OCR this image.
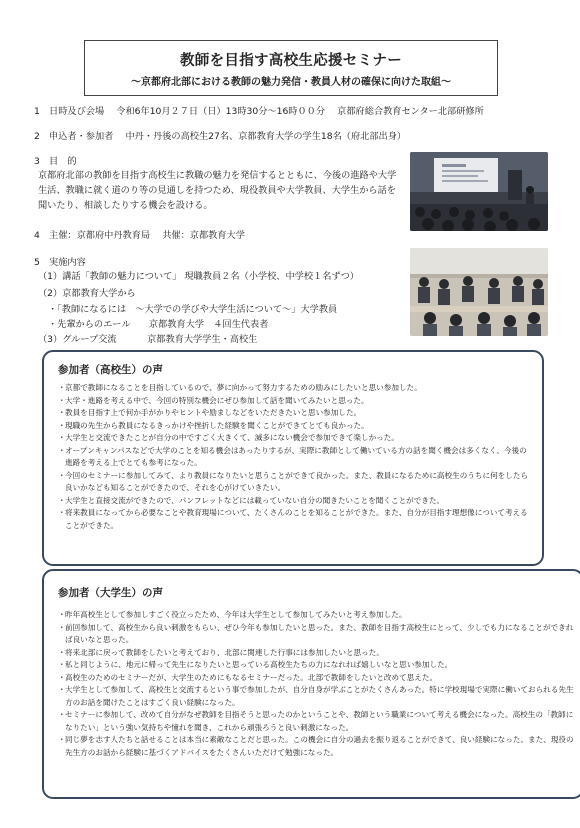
教師を目指す高校生応援セミナー
～京都府北部における教師の魅力発信・教員人材の確保に向けた取組～
1　日時及び会場　 令和6年10月２７日（日）13時30分～16時００分　 京都府総合教育センター北部研修所
2　申込者・参加者　 中丹・丹後の高校生27名、京都教育大学の学生18名（府北部出身）
3　目　的
京都府北部の教師を目指す高校生に教職の魅力を発信するとともに、今後の進路や大学生活、教職に就く道のり等の見通しを持つため、現役教員や大学教員、大学生から話を聞いたり、相談したりする機会を設ける。
4　主催：京都府中丹教育局　 共催：京都教育大学
5　実施内容
（1）講話「教師の魅力について」 現職教員２名（小学校、中学校１名ずつ）
（2）京都教育大学から
・「教師になるには　～大学での学びや大学生活について～」大学教員
・先輩からのエール　　京都教育大学　４回生代表者
（3）グループ交流　　　 京都教育大学学生・高校生
参加者（高校生）の声
・ 京都で教師になることを目指しているので、夢に向かって努力するための励みにしたいと思い参加した。
・ 大学・進路を考える中で、今回の特別な機会にぜひ参加して話を聞いてみたいと思った。
・ 教員を目指す上で何か手がかりやヒントや励ましなどをいただきたいと思い参加した。
・ 現職の先生から教員になるきっかけや挫折した経験を聞くことができてとても良かった。
・ 大学生と交流できたことが自分の中ですごく大きくて、滅多にない機会で参加できて楽しかった。
・ オープンキャンパスなどで大学のことを知る機会はあったりするが、実際に教師として働いている方の話を聞く機会は多くなく、今後の進路を考える上でとても参考になった。
・ 今回のセミナーに参加してみて、より教員になりたいと思うことができて良かった。また、教員になるために高校生のうちに何をしたら良いかなども知ることができたので、それを心がけていきたい。
・ 大学生と直接交流ができたので、パンフレットなどには載っていない自分の聞きたいことを聞くことができた。
・ 将来教員になってから必要なことや教育現場について、たくさんのことを知ることができた。また、自分が目指す理想像について考えることができた。
参加者（大学生）の声
・ 昨年高校生として参加しすごく役立ったため、今年は大学生として参加してみたいと考え参加した。
・ 前回参加して、高校生から良い刺激をもらい、ぜひ今年も参加したいと思った。また、教師を目指す高校生にとって、少しでも力になることができれば良いなと思った。
・ 将来北部に戻って教師をしたいと考えており、北部に関連した行事には参加したいと思った。
・ 私と同じように、地元に帰って先生になりたいと思っている高校生たちの力になれれば嬉しいなと思い参加した。
・ 高校生のためのセミナーだが、大学生のためにもなるセミナーだった。北部で教師をしたいと改めて思えた。
・ 大学生として参加して、高校生と交流するという事で参加したが、自分自身が学ぶことがたくさんあった。特に学校現場で実際に働いておられる先生方のお話を聞けたことはすごく良い経験になった。
・ セミナーに参加して、改めて自分がなぜ教師を目指そうと思ったのかということや、教師という職業について考える機会になった。高校生の「教師になりたい」という強い気持ちや憧れを聞き、これから頑張ろうと良い刺激になった。
・ 同じ夢を志す人たちと話せることは本当に素敵なことだと思った。この機会に自分の過去を振り返ることができて、良い経験になった。また、現役の先生方のお話から経験に基づくアドバイスをたくさんいただけて勉強になった。
